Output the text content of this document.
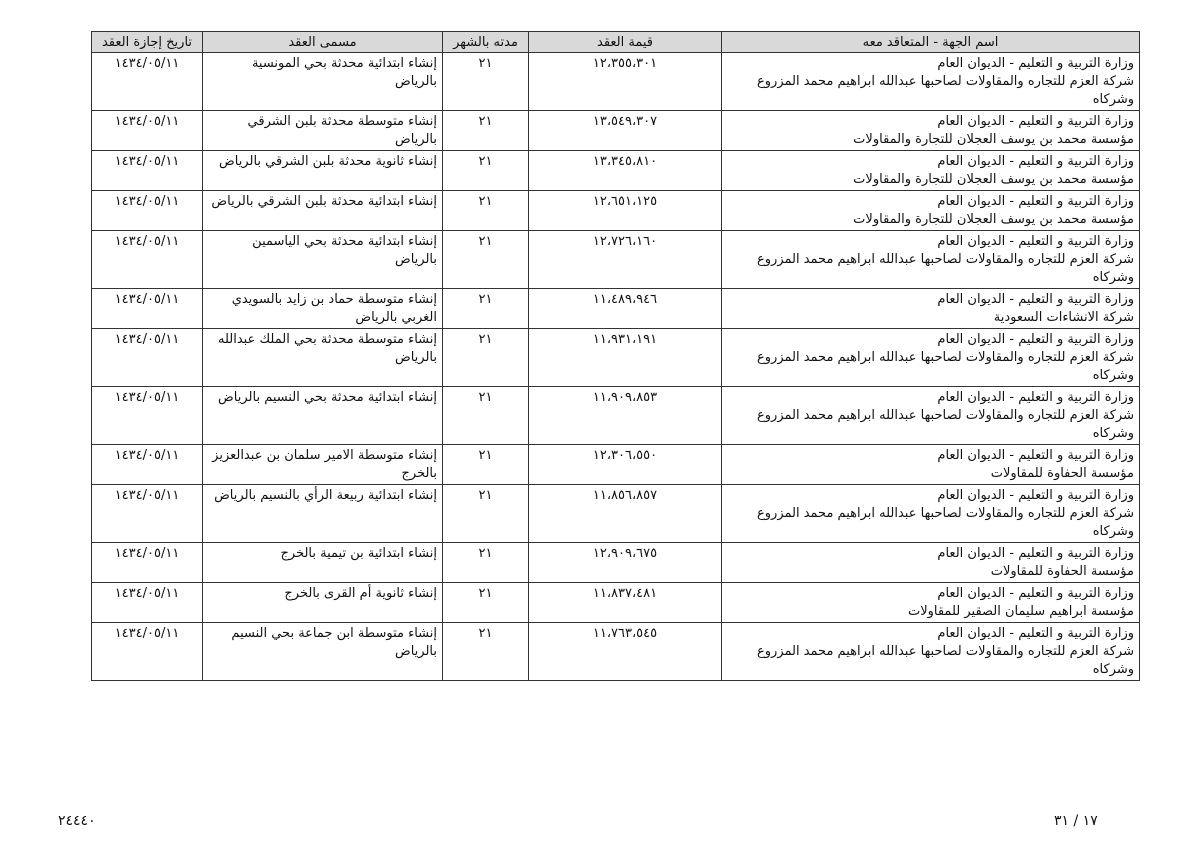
اسم الجهة - المتعاقد معه	قيمة العقد	مدته بالشهر	مسمى العقد	تاريخ إجازة العقد

وزارة التربية و التعليم - الديوان العام
شركة العزم للتجاره والمقاولات لصاحبها عبدالله ابراهيم محمد المزروع
وشركاه	١٢،٣٥٥،٣٠١	٢١	إنشاء ابتدائية محدثة بحي المونسية
بالرياض	١٤٣٤/٠٥/١١

وزارة التربية و التعليم - الديوان العام
مؤسسة محمد بن يوسف العجلان للتجارة والمقاولات	١٣،٥٤٩،٣٠٧	٢١	إنشاء متوسطة محدثة بلبن الشرقي
بالرياض	١٤٣٤/٠٥/١١

وزارة التربية و التعليم - الديوان العام
مؤسسة محمد بن يوسف العجلان للتجارة والمقاولات	١٣،٣٤٥،٨١٠	٢١	إنشاء ثانوية محدثة بلبن الشرقي بالرياض	١٤٣٤/٠٥/١١

وزارة التربية و التعليم - الديوان العام
مؤسسة محمد بن يوسف العجلان للتجارة والمقاولات	١٢،٦٥١،١٢٥	٢١	إنشاء ابتدائية محدثة بلبن الشرقي بالرياض	١٤٣٤/٠٥/١١

وزارة التربية و التعليم - الديوان العام
شركة العزم للتجاره والمقاولات لصاحبها عبدالله ابراهيم محمد المزروع
وشركاه	١٢،٧٢٦،١٦٠	٢١	إنشاء ابتدائية محدثة بحي الياسمين
بالرياض	١٤٣٤/٠٥/١١

وزارة التربية و التعليم - الديوان العام
شركة الانشاءات السعودية	١١،٤٨٩،٩٤٦	٢١	إنشاء متوسطة حماد بن زايد بالسويدي
الغربي بالرياض	١٤٣٤/٠٥/١١

وزارة التربية و التعليم - الديوان العام
شركة العزم للتجاره والمقاولات لصاحبها عبدالله ابراهيم محمد المزروع
وشركاه	١١،٩٣١،١٩١	٢١	إنشاء متوسطة محدثة بحي الملك عبدالله
بالرياض	١٤٣٤/٠٥/١١

وزارة التربية و التعليم - الديوان العام
شركة العزم للتجاره والمقاولات لصاحبها عبدالله ابراهيم محمد المزروع
وشركاه	١١،٩٠٩،٨٥٣	٢١	إنشاء ابتدائية محدثة بحي النسيم بالرياض	١٤٣٤/٠٥/١١

وزارة التربية و التعليم - الديوان العام
مؤسسة الحفاوة للمقاولات	١٢،٣٠٦،٥٥٠	٢١	إنشاء متوسطة الامير سلمان بن عبدالعزيز
بالخرج	١٤٣٤/٠٥/١١

وزارة التربية و التعليم - الديوان العام
شركة العزم للتجاره والمقاولات لصاحبها عبدالله ابراهيم محمد المزروع
وشركاه	١١،٨٥٦،٨٥٧	٢١	إنشاء ابتدائية ربيعة الرأي بالنسيم بالرياض	١٤٣٤/٠٥/١١

وزارة التربية و التعليم - الديوان العام
مؤسسة الحفاوة للمقاولات	١٢،٩٠٩،٦٧٥	٢١	إنشاء ابتدائية بن تيمية بالخرج	١٤٣٤/٠٥/١١

وزارة التربية و التعليم - الديوان العام
مؤسسة ابراهيم سليمان الصقير للمقاولات	١١،٨٣٧،٤٨١	٢١	إنشاء ثانوية أم القرى بالخرج	١٤٣٤/٠٥/١١

وزارة التربية و التعليم - الديوان العام
شركة العزم للتجاره والمقاولات لصاحبها عبدالله ابراهيم محمد المزروع
وشركاه	١١،٧٦٣،٥٤٥	٢١	إنشاء متوسطة ابن جماعة بحي النسيم
بالرياض	١٤٣٤/٠٥/١١
٢٤٤٤٠	١٧ / ٣١
